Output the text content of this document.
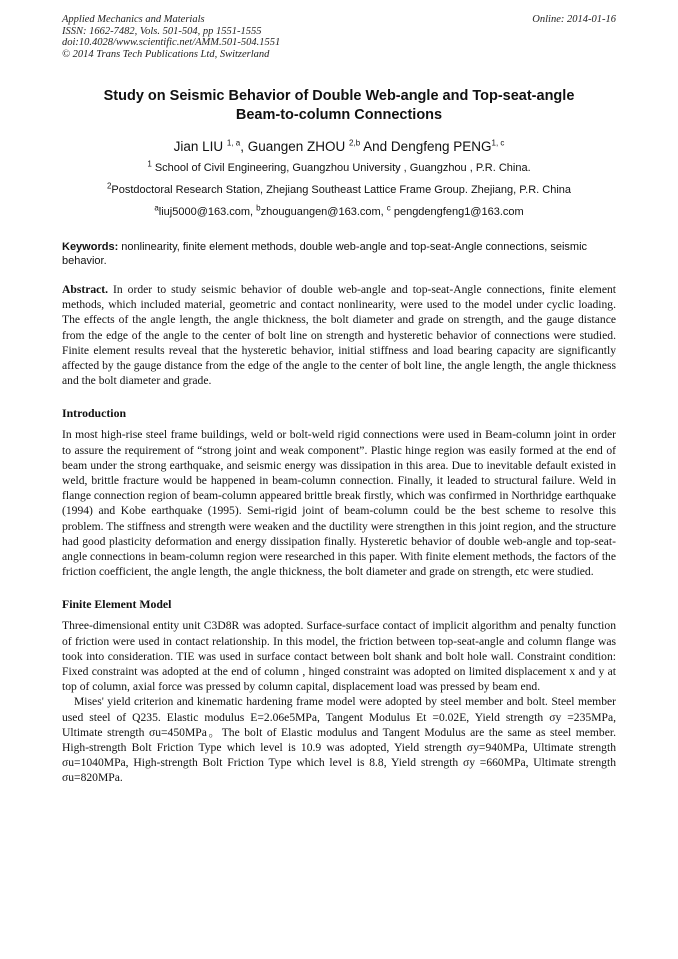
Applied Mechanics and Materials
ISSN: 1662-7482, Vols. 501-504, pp 1551-1555
doi:10.4028/www.scientific.net/AMM.501-504.1551
© 2014 Trans Tech Publications Ltd, Switzerland
Online: 2014-01-16
Study on Seismic Behavior of Double Web-angle and Top-seat-angle
Beam-to-column Connections
Jian LIU $^{1, a}$, Guangen ZHOU $^{2,b}$ And Dengfeng PENG$^{1, c}$
$^1$ School of Civil Engineering, Guangzhou University , Guangzhou , P.R. China.
$^2$Postdoctoral Research Station, Zhejiang Southeast Lattice Frame Group. Zhejiang, P.R. China
$^a$liuj5000@163.com, $^b$zhouguangen@163.com, $^c$ pengdengfeng1@163.com
Keywords: nonlinearity, finite element methods, double web-angle and top-seat-Angle connections, seismic behavior.
Abstract. In order to study seismic behavior of double web-angle and top-seat-Angle connections, finite element methods, which included material, geometric and contact nonlinearity, were used to the model under cyclic loading. The effects of the angle length, the angle thickness, the bolt diameter and grade on strength, and the gauge distance from the edge of the angle to the center of bolt line on strength and hysteretic behavior of connections were studied. Finite element results reveal that the hysteretic behavior, initial stiffness and load bearing capacity are significantly affected by the gauge distance from the edge of the angle to the center of bolt line, the angle length, the angle thickness and the bolt diameter and grade.
Introduction

In most high-rise steel frame buildings, weld or bolt-weld rigid connections were used in Beam-column joint in order to assure the requirement of “strong joint and weak component”. Plastic hinge region was easily formed at the end of beam under the strong earthquake, and seismic energy was dissipation in this area. Due to inevitable default existed in weld, brittle fracture would be happened in beam-column connection. Finally, it leaded to structural failure. Weld in flange connection region of beam-column appeared brittle break firstly, which was confirmed in Northridge earthquake (1994) and Kobe earthquake (1995). Semi-rigid joint of beam-column could be the best scheme to resolve this problem. The stiffness and strength were weaken and the ductility were strengthen in this joint region, and the structure had good plasticity deformation and energy dissipation finally. Hysteretic behavior of double web-angle and top-seat-angle connections in beam-column region were researched in this paper. With finite element methods, the factors of the friction coefficient, the angle length, the angle thickness, the bolt diameter and grade on strength, etc were studied.

Finite Element Model

Three-dimensional entity unit C3D8R was adopted. Surface-surface contact of implicit algorithm and penalty function of friction were used in contact relationship. In this model, the friction between top-seat-angle and column flange was took into consideration. TIE was used in surface contact between bolt shank and bolt hole wall. Constraint condition: Fixed constraint was adopted at the end of column , hinged constraint was adopted on limited displacement x and y at top of column, axial force was pressed by column capital, displacement load was pressed by beam end.

Mises' yield criterion and kinematic hardening frame model were adopted by steel member and bolt. Steel member used steel of Q235. Elastic modulus E=2.06e5MPa, Tangent Modulus Et =0.02E, Yield strength σy =235MPa, Ultimate strength σu=450MPa。The bolt of Elastic modulus and Tangent Modulus are the same as steel member. High-strength Bolt Friction Type which level is 10.9 was adopted, Yield strength σy=940MPa, Ultimate strength σu=1040MPa, High-strength Bolt Friction Type which level is 8.8, Yield strength σy =660MPa, Ultimate strength σu=820MPa.
